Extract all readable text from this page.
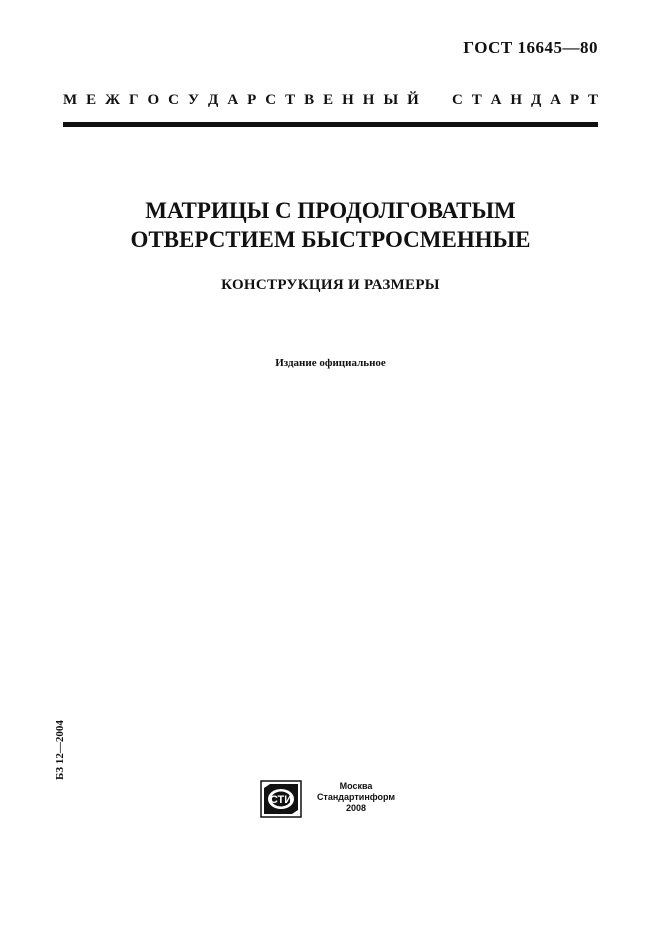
ГОСТ 16645—80
М Е Ж Г О С У Д А Р С Т В Е Н Н Ы Й С Т А Н Д А Р Т
МАТРИЦЫ С ПРОДОЛГОВАТЫМ
ОТВЕРСТИЕМ БЫСТРОСМЕННЫЕ
КОНСТРУКЦИЯ И РАЗМЕРЫ
Издание официальное
БЗ 12—2004
СТИ
Москва
Стандартинформ
2008
